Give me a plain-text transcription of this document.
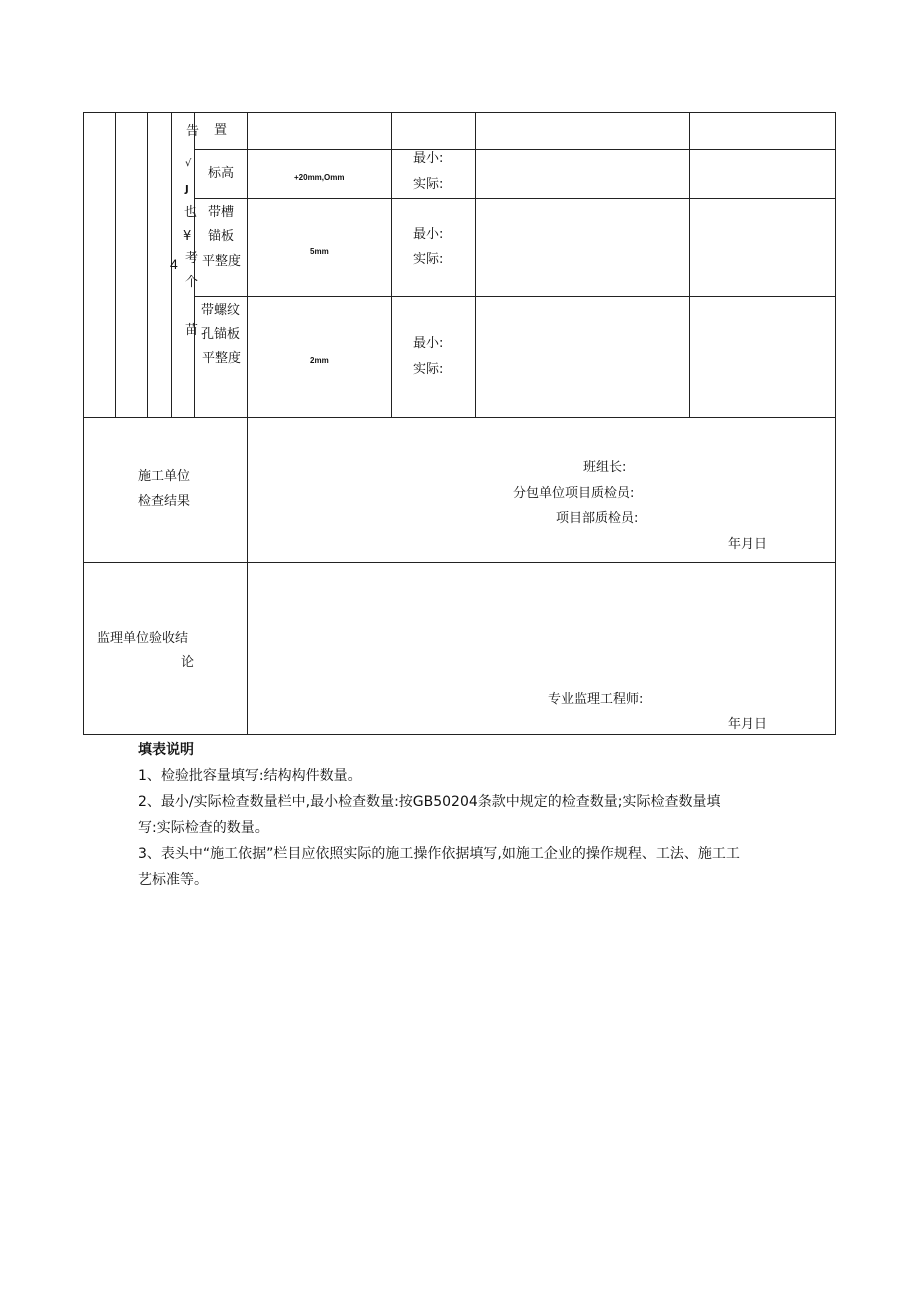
告
√
J
也
¥
4 考
个
苗
置
标高	+20mm,Omm
最小:
实际:
带槽
锚板
平整度
5mm
最小:
实际:
带螺纹
孔锚板
平整度	2mm
最小:
实际:
施工单位
检查结果
班组长:
分包单位项目质检员:
项目部质检员:
年月日
监理单位验收结
论
专业监理工程师:
年月日

填表说明

1、检验批容量填写:结构构件数量。

2、最小/实际检查数量栏中,最小检查数量:按GB50204条款中规定的检查数量;实际检查数量填

写:实际检查的数量。

3、表头中“施工依据”栏目应依照实际的施工操作依据填写,如施工企业的操作规程、工法、施工工

艺标准等。
